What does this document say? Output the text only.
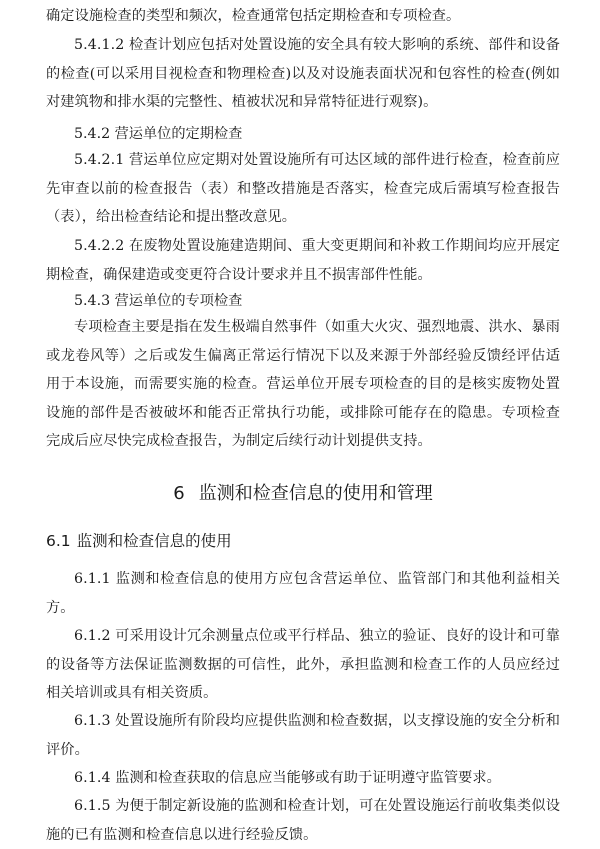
确定设施检查的类型和频次，检查通常包括定期检查和专项检查。
5.4.1.2 检查计划应包括对处置设施的安全具有较大影响的系统、部件和设备的检查(可以采用目视检查和物理检查)以及对设施表面状况和包容性的检查(例如对建筑物和排水渠的完整性、植被状况和异常特征进行观察)。
5.4.2 营运单位的定期检查
5.4.2.1 营运单位应定期对处置设施所有可达区域的部件进行检查，检查前应先审查以前的检查报告（表）和整改措施是否落实，检查完成后需填写检查报告（表），给出检查结论和提出整改意见。
5.4.2.2 在废物处置设施建造期间、重大变更期间和补救工作期间均应开展定期检查，确保建造或变更符合设计要求并且不损害部件性能。
5.4.3 营运单位的专项检查
专项检查主要是指在发生极端自然事件（如重大火灾、强烈地震、洪水、暴雨或龙卷风等）之后或发生偏离正常运行情况下以及来源于外部经验反馈经评估适用于本设施，而需要实施的检查。营运单位开展专项检查的目的是核实废物处置设施的部件是否被破坏和能否正常执行功能，或排除可能存在的隐患。专项检查完成后应尽快完成检查报告，为制定后续行动计划提供支持。
6 监测和检查信息的使用和管理
6.1 监测和检查信息的使用
6.1.1 监测和检查信息的使用方应包含营运单位、监管部门和其他利益相关方。
6.1.2 可采用设计冗余测量点位或平行样品、独立的验证、良好的设计和可靠的设备等方法保证监测数据的可信性，此外，承担监测和检查工作的人员应经过相关培训或具有相关资质。
6.1.3 处置设施所有阶段均应提供监测和检查数据，以支撑设施的安全分析和评价。
6.1.4 监测和检查获取的信息应当能够或有助于证明遵守监管要求。
6.1.5 为便于制定新设施的监测和检查计划，可在处置设施运行前收集类似设施的已有监测和检查信息以进行经验反馈。
